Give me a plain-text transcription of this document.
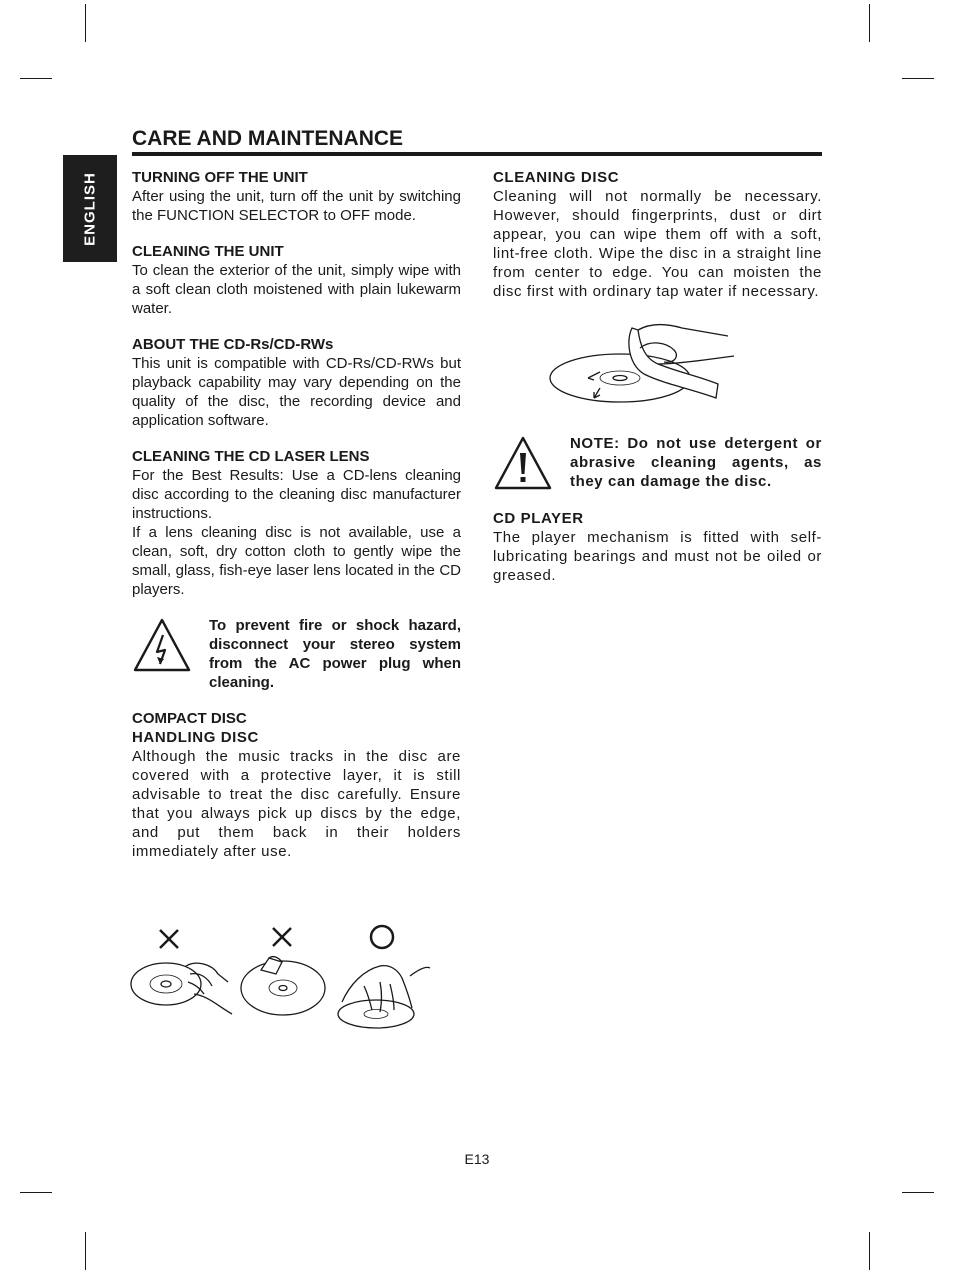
ENGLISH
CARE AND MAINTENANCE

TURNING OFF THE UNIT

After using the unit, turn off the unit by switching the FUNCTION SELECTOR to OFF mode.

CLEANING THE UNIT

To clean the exterior of the unit, simply wipe with a soft clean cloth moistened with plain lukewarm water.

ABOUT THE CD-Rs/CD-RWs

This unit is compatible with CD-Rs/CD-RWs but playback capability may vary depending on the quality of the disc, the recording device and application software.

CLEANING THE CD LASER LENS

For the Best Results: Use a CD-lens cleaning disc according to the cleaning disc manufacturer instructions.

If a lens cleaning disc is not available, use a clean, soft, dry cotton cloth to gently wipe the small, glass, fish-eye laser lens located in the CD players.

To prevent fire or shock hazard, disconnect your stereo system from the AC power plug when cleaning.

COMPACT DISC

HANDLING DISC

Although the music tracks in the disc are covered with a protective layer, it is still advisable to treat the disc carefully. Ensure that you always pick up discs by the edge, and put them back in their holders immediately after use.

CLEANING DISC

Cleaning will not normally be necessary. However, should fingerprints, dust or dirt appear, you can wipe them off with a soft, lint-free cloth. Wipe the disc in a straight line from center to edge. You can moisten the disc first with ordinary tap water if necessary.

NOTE: Do not use detergent or abrasive cleaning agents, as they can damage the disc.

CD PLAYER

The player mechanism is fitted with self-lubricating bearings and must not be oiled or greased.

E13
